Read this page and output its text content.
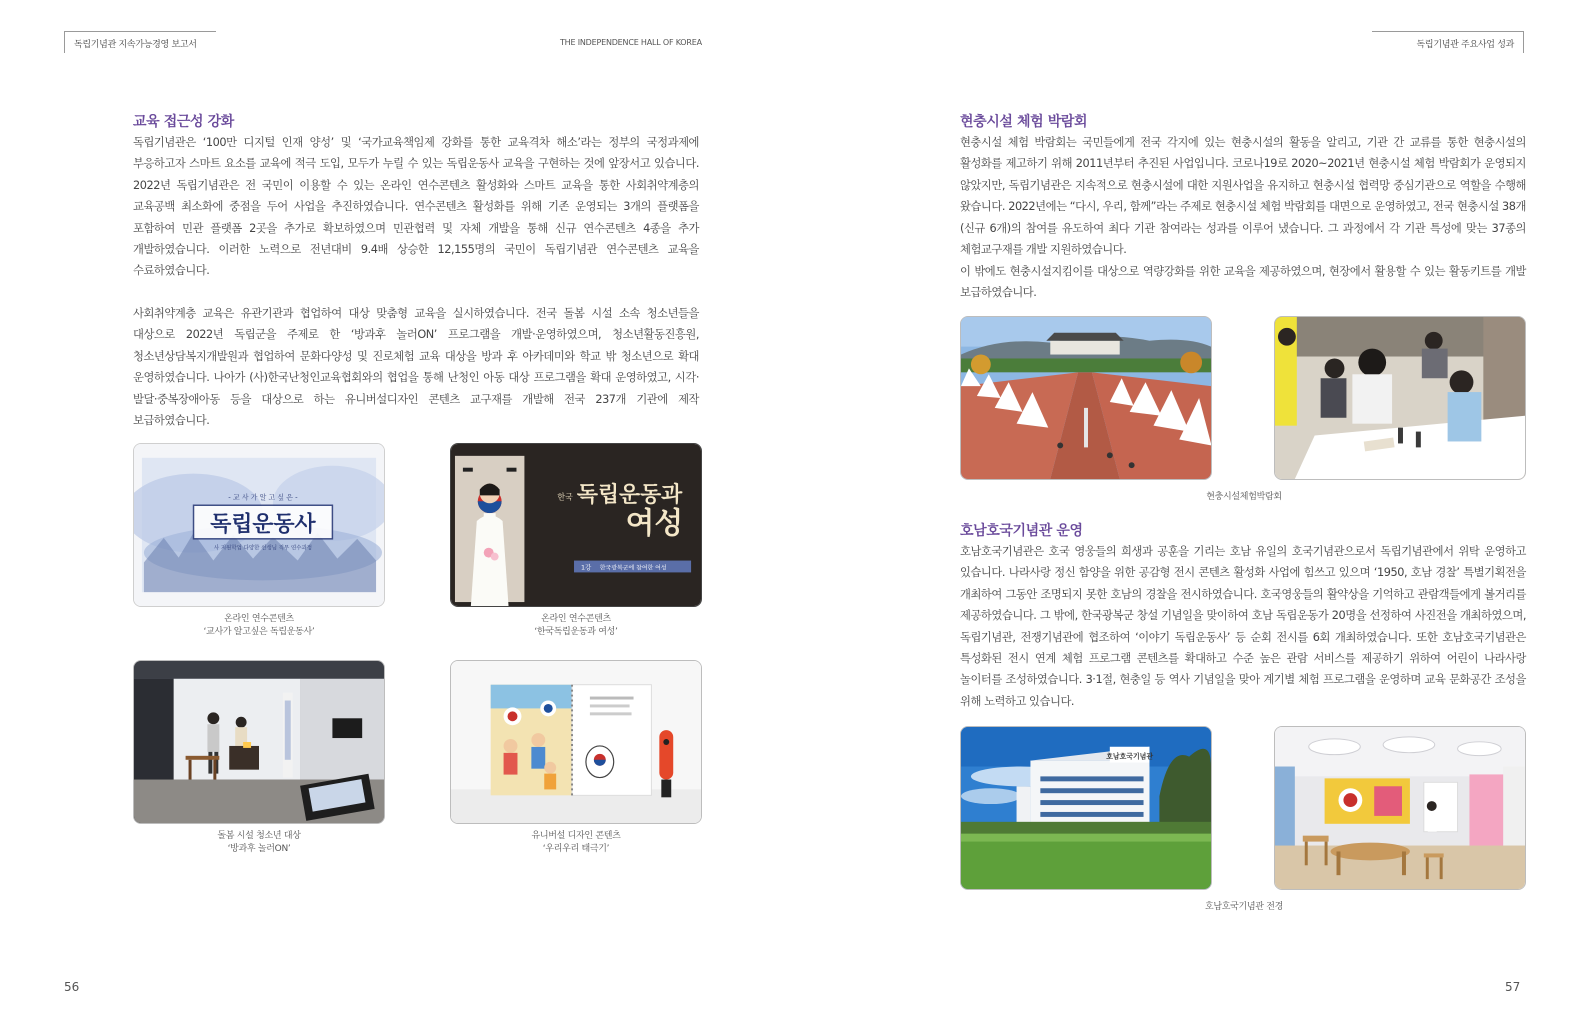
독립기념관 지속가능경영 보고서	THE INDEPENDENCE HALL OF KOREA	독립기념관 주요사업 성과
교육 접근성 강화
독립기념관은 ‘100만 디지털 인재 양성’ 및 ‘국가교육책임제 강화를 통한 교육격차 해소’라는 정부의 국정과제에 부응하고자 스마트 요소를 교육에 적극 도입, 모두가 누릴 수 있는 독립운동사 교육을 구현하는 것에 앞장서고 있습니다. 2022년 독립기념관은 전 국민이 이용할 수 있는 온라인 연수콘텐츠 활성화와 스마트 교육을 통한 사회취약계층의 교육공백 최소화에 중점을 두어 사업을 추진하였습니다. 연수콘텐츠 활성화를 위해 기존 운영되는 3개의 플랫폼을 포함하여 민관 플랫폼 2곳을 추가로 확보하였으며 민관협력 및 자체 개발을 통해 신규 연수콘텐츠 4종을 추가 개발하였습니다. 이러한 노력으로 전년대비 9.4배 상승한 12,155명의 국민이 독립기념관 연수콘텐츠 교육을 수료하였습니다.
사회취약계층 교육은 유관기관과 협업하여 대상 맞춤형 교육을 실시하였습니다. 전국 돌봄 시설 소속 청소년들을 대상으로 2022년 독립군을 주제로 한 ‘방과후 놀러ON’ 프로그램을 개발·운영하였으며, 청소년활동진흥원, 청소년상담복지개발원과 협업하여 문화다양성 및 진로체험 교육 대상을 방과 후 아카데미와 학교 밖 청소년으로 확대 운영하였습니다. 나아가 (사)한국난청인교육협회와의 협업을 통해 난청인 아동 대상 프로그램을 확대 운영하였고, 시각·발달·중복장애아동 등을 대상으로 하는 유니버설디자인 콘텐츠 교구재를 개발해 전국 237개 기관에 제작 보급하였습니다.
- 교 사 가 알 고 싶 은 -
독립운동사
사 지원학업 다양한 선생님 직무 연수과정
온라인 연수콘텐츠
‘교사가 알고싶은 독립운동사’
한국 독립운동과
여성
1강 한국광복군에 참여한 여성
온라인 연수콘텐츠
‘한국독립운동과 여성’
돌봄 시설 청소년 대상
‘방과후 놀러ON’
유니버설 디자인 콘텐츠
‘우리우리 태극기’
56
현충시설 체험 박람회
현충시설 체험 박람회는 국민들에게 전국 각지에 있는 현충시설의 활동을 알리고, 기관 간 교류를 통한 현충시설의 활성화를 제고하기 위해 2011년부터 추진된 사업입니다. 코로나19로 2020~2021년 현충시설 체험 박람회가 운영되지 않았지만, 독립기념관은 지속적으로 현충시설에 대한 지원사업을 유지하고 현충시설 협력망 중심기관으로 역할을 수행해 왔습니다. 2022년에는 “다시, 우리, 함께”라는 주제로 현충시설 체험 박람회를 대면으로 운영하였고, 전국 현충시설 38개(신규 6개)의 참여를 유도하여 최다 기관 참여라는 성과를 이루어 냈습니다. 그 과정에서 각 기관 특성에 맞는 37종의 체험교구재를 개발 지원하였습니다.
이 밖에도 현충시설지킴이를 대상으로 역량강화를 위한 교육을 제공하였으며, 현장에서 활용할 수 있는 활동키트를 개발 보급하였습니다.
현충시설체험박람회
호남호국기념관 운영
호남호국기념관은 호국 영웅들의 희생과 공훈을 기리는 호남 유일의 호국기념관으로서 독립기념관에서 위탁 운영하고 있습니다. 나라사랑 정신 함양을 위한 공감형 전시 콘텐츠 활성화 사업에 힘쓰고 있으며 ‘1950, 호남 경찰’ 특별기획전을 개최하여 그동안 조명되지 못한 호남의 경찰을 전시하였습니다. 호국영웅들의 활약상을 기억하고 관람객들에게 볼거리를 제공하였습니다. 그 밖에, 한국광복군 창설 기념일을 맞이하여 호남 독립운동가 20명을 선정하여 사진전을 개최하였으며, 독립기념관, 전쟁기념관에 협조하여 ‘이야기 독립운동사’ 등 순회 전시를 6회 개최하였습니다. 또한 호남호국기념관은 특성화된 전시 연계 체험 프로그램 콘텐츠를 확대하고 수준 높은 관람 서비스를 제공하기 위하여 어린이 나라사랑 놀이터를 조성하였습니다. 3·1절, 현충일 등 역사 기념일을 맞아 계기별 체험 프로그램을 운영하며 교육 문화공간 조성을 위해 노력하고 있습니다.
호남호국기념관
호남호국기념관 전경
57
